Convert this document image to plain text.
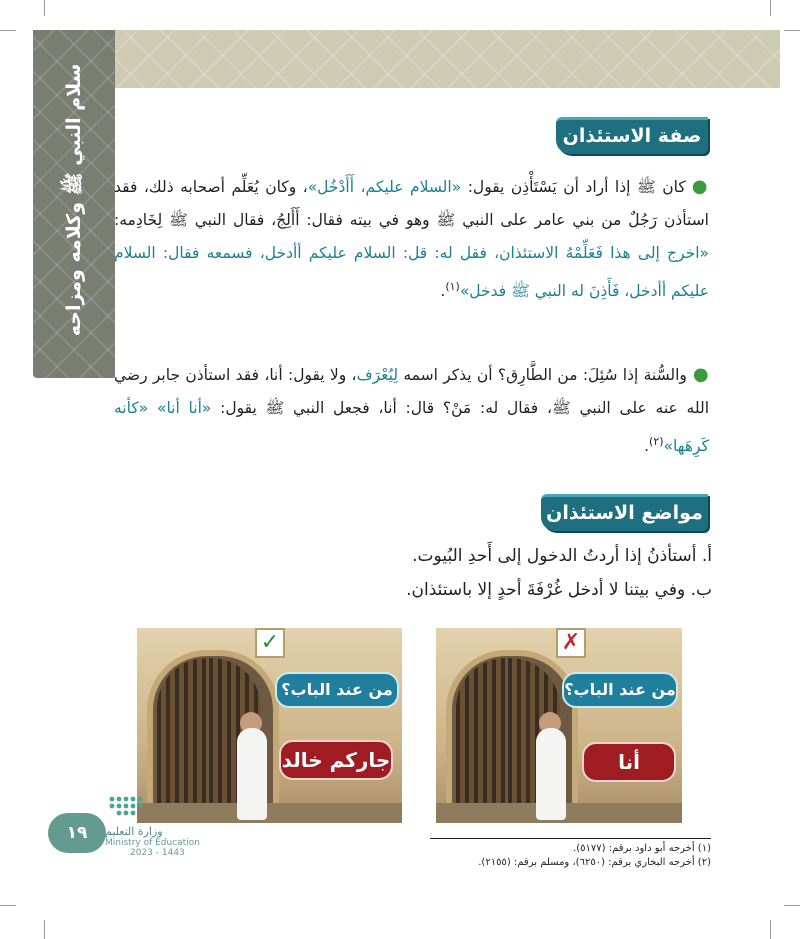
سلام النبي ﷺ وكلامه ومزاحه	صفة الاستئذان
●كان ﷺ إذا أراد أن يَسْتَأْذِن يقول: «السلام عليكم، أَأَدْخُل»، وكان يُعَلِّم أصحابه ذلك، فقد استأذن رَجُلٌ من بني عامر على النبي ﷺ وهو في بيته فقال: أَأَلِجُ، فقال النبي ﷺ لِخَادِمه: «اخرج إلى هذا فَعَلِّمْهُ الاستئذان، فقل له: قل: السلام عليكم أأدخل، فسمعه فقال: السلام عليكم أأدخل، فَأَذِنَ له النبي ﷺ فدخل»$^{(١)}$.
●والسُّنة إذا سُئِلَ: من الطَّارِق؟ أن يذكر اسمه لِيُعْرَف، ولا يقول: أنا، فقد استأذن جابر رضي الله عنه على النبي ﷺ، فقال له: مَنْ؟ قال: أنا، فجعل النبي ﷺ يقول: «أنا أنا» «كأنه كَرِهَها»$^{(٢)}$.
مواضع الاستئذان
أ. أستأذنُ إذا أردتُ الدخول إلى أَحدِ البُيوت.
ب. وفي بيتنا لا أدخل غُرْفَةَ أحدٍ إلا باستئذان.
من عند الباب؟
جاركم خالد
✓
من عند الباب؟
أنا
✗
(١) أخرجه أبو داود برقم: (٥١٧٧).
(٢) أخرجه البخاري برقم: (٦٢٥٠)، ومسلم برقم: (٢١٥٥).
١٩	وزارة التعليم
Ministry of Education
2023 - 1443
